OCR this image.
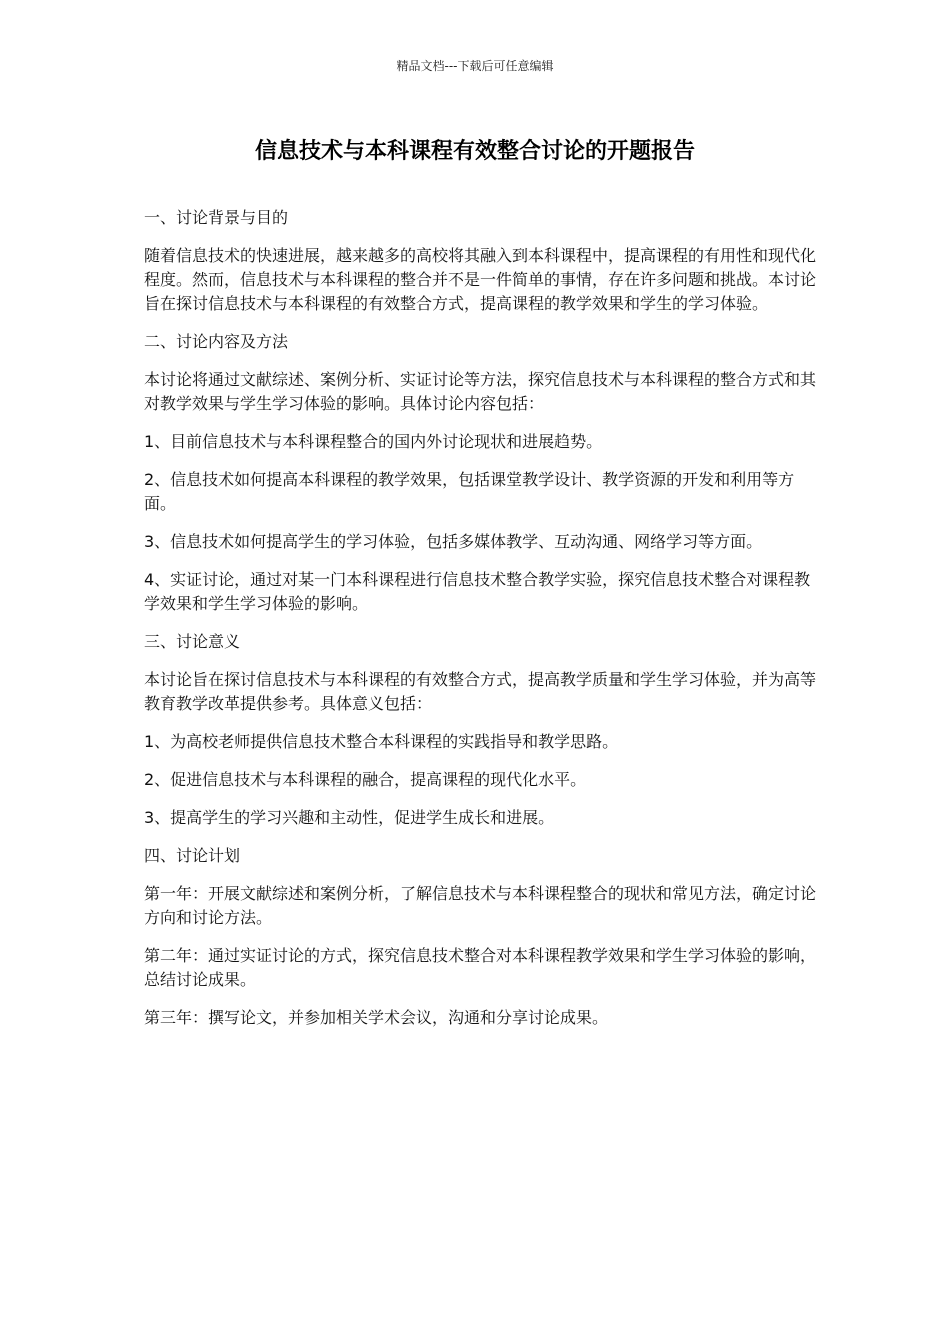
精品文档---下载后可任意编辑
信息技术与本科课程有效整合讨论的开题报告

一、讨论背景与目的

随着信息技术的快速进展，越来越多的高校将其融入到本科课程中，提高课程的有用性和现代化程度。然而，信息技术与本科课程的整合并不是一件简单的事情，存在许多问题和挑战。本讨论旨在探讨信息技术与本科课程的有效整合方式，提高课程的教学效果和学生的学习体验。

二、讨论内容及方法

本讨论将通过文献综述、案例分析、实证讨论等方法，探究信息技术与本科课程的整合方式和其对教学效果与学生学习体验的影响。具体讨论内容包括：

1、目前信息技术与本科课程整合的国内外讨论现状和进展趋势。

2、信息技术如何提高本科课程的教学效果，包括课堂教学设计、教学资源的开发和利用等方面。

3、信息技术如何提高学生的学习体验，包括多媒体教学、互动沟通、网络学习等方面。

4、实证讨论，通过对某一门本科课程进行信息技术整合教学实验，探究信息技术整合对课程教学效果和学生学习体验的影响。

三、讨论意义

本讨论旨在探讨信息技术与本科课程的有效整合方式，提高教学质量和学生学习体验，并为高等教育教学改革提供参考。具体意义包括：

1、为高校老师提供信息技术整合本科课程的实践指导和教学思路。

2、促进信息技术与本科课程的融合，提高课程的现代化水平。

3、提高学生的学习兴趣和主动性，促进学生成长和进展。

四、讨论计划

第一年：开展文献综述和案例分析，了解信息技术与本科课程整合的现状和常见方法，确定讨论方向和讨论方法。

第二年：通过实证讨论的方式，探究信息技术整合对本科课程教学效果和学生学习体验的影响，总结讨论成果。

第三年：撰写论文，并参加相关学术会议，沟通和分享讨论成果。
